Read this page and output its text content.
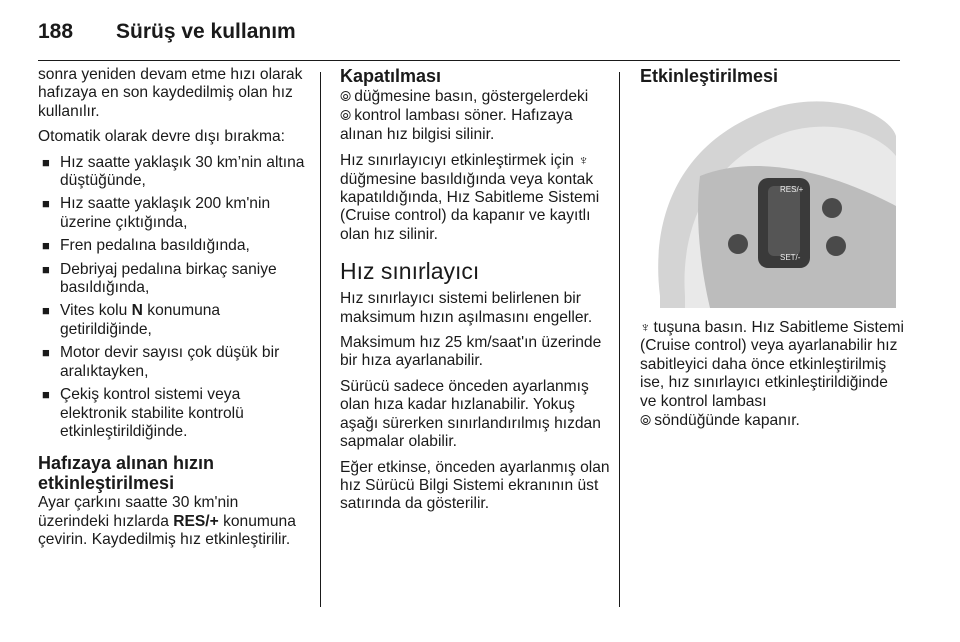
188 Sürüş ve kullanım

sonra yeniden devam etme hızı olarak hafızaya en son kaydedilmiş olan hız kullanılır.

Otomatik olarak devre dışı bırakma:

■ Hız saatte yaklaşık 30 km’nin altına düştüğünde,
■ Hız saatte yaklaşık 200 km'nin üzerine çıktığında,
■ Fren pedalına basıldığında,
■ Debriyaj pedalına birkaç saniye basıldığında,
■ Vites kolu N konumuna getirildiğinde,
■ Motor devir sayısı çok düşük bir aralıktayken,
■ Çekiş kontrol sistemi veya elektronik stabilite kontrolü etkinleştirildiğinde.
Hafızaya alınan hızın etkinleştirilmesi

Ayar çarkını saatte 30 km'nin üzerindeki hızlarda RES/+ konumuna çevirin. Kaydedilmiş hız etkinleştirilir.

Kapatılması

⦾ düğmesine basın, göstergelerdeki
⦾ kontrol lambası söner. Hafızaya alınan hız bilgisi silinir.

Hız sınırlayıcıyı etkinleştirmek için ♆düğmesine basıldığında veya kontak kapatıldığında, Hız Sabitleme Sistemi (Cruise control) da kapanır ve kayıtlı olan hız silinir.

Hız sınırlayıcı

Hız sınırlayıcı sistemi belirlenen bir maksimum hızın aşılmasını engeller.

Maksimum hız 25 km/saat'ın üzerinde bir hıza ayarlanabilir.

Sürücü sadece önceden ayarlanmış olan hıza kadar hızlanabilir. Yokuş aşağı sürerken sınırlandırılmış hızdan sapmalar olabilir.

Eğer etkinse, önceden ayarlanmış olan hız Sürücü Bilgi Sistemi ekranının üst satırında da gösterilir.

Etkinleştirilmesi
RES/+
SET/-

♆ tuşuna basın. Hız Sabitleme Sistemi (Cruise control) veya ayarlanabilir hız sabitleyici daha önce etkinleştirilmiş ise, hız sınırlayıcı etkinleştirildiğinde ve kontrol lambası
⦾ söndüğünde kapanır.
